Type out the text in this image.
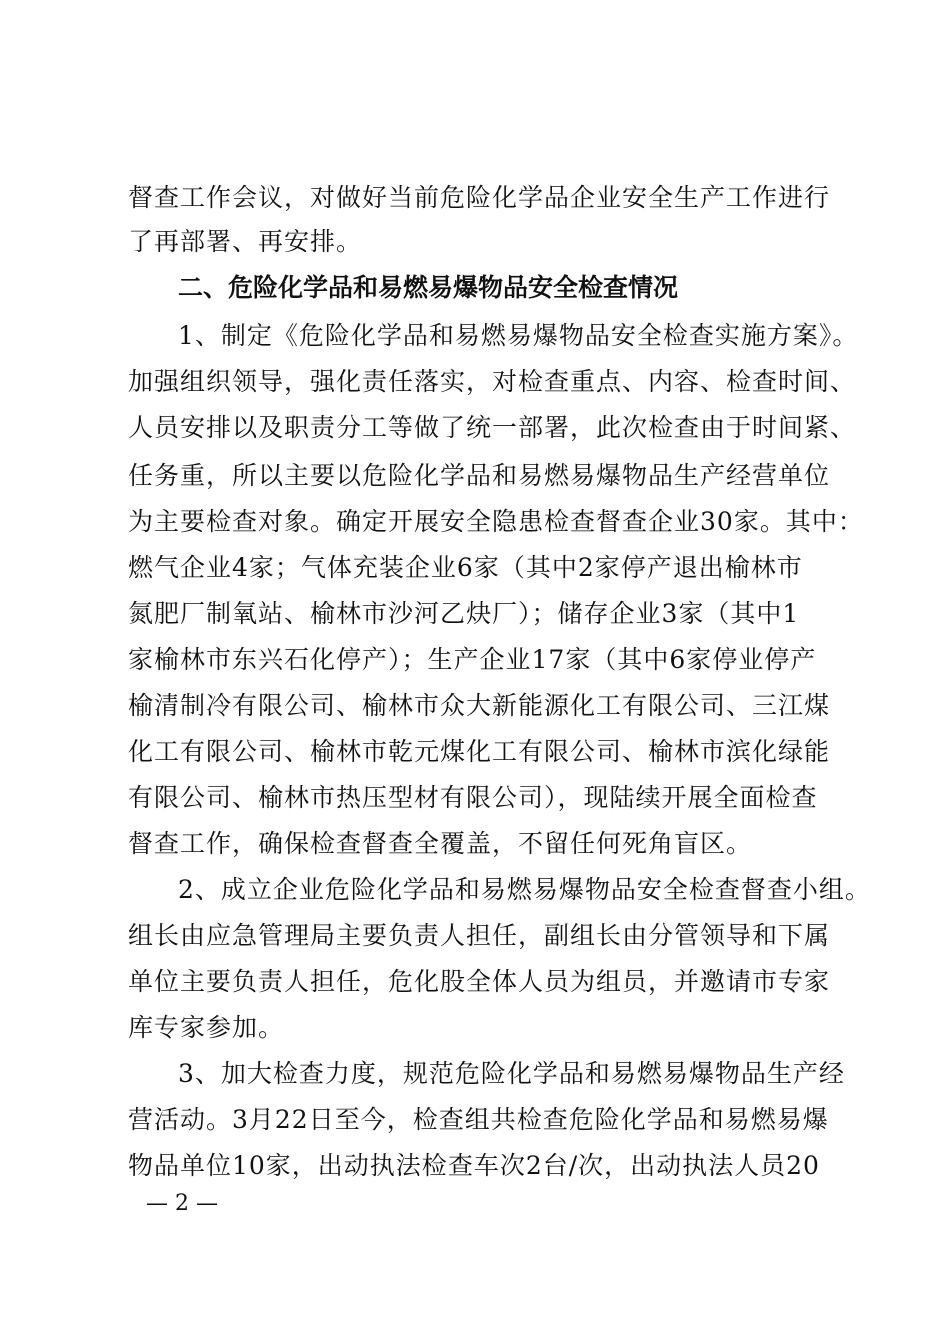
督查工作会议，对做好当前危险化学品企业安全生产工作进行
了再部署、再安排。
二、危险化学品和易燃易爆物品安全检查情况
1、制定《危险化学品和易燃易爆物品安全检查实施方案》。
加强组织领导，强化责任落实，对检查重点、内容、检查时间、
人员安排以及职责分工等做了统一部署，此次检查由于时间紧、
任务重，所以主要以危险化学品和易燃易爆物品生产经营单位
为主要检查对象。确定开展安全隐患检查督查企业30家。其中：
燃气企业4家；气体充装企业6家（其中2家停产退出榆林市
氮肥厂制氧站、榆林市沙河乙炔厂）；储存企业3家（其中1
家榆林市东兴石化停产）；生产企业17家（其中6家停业停产
榆清制冷有限公司、榆林市众大新能源化工有限公司、三江煤
化工有限公司、榆林市乾元煤化工有限公司、榆林市滨化绿能
有限公司、榆林市热压型材有限公司），现陆续开展全面检查
督查工作，确保检查督查全覆盖，不留任何死角盲区。
2、成立企业危险化学品和易燃易爆物品安全检查督查小组。
组长由应急管理局主要负责人担任，副组长由分管领导和下属
单位主要负责人担任，危化股全体人员为组员，并邀请市专家
库专家参加。
3、加大检查力度，规范危险化学品和易燃易爆物品生产经
营活动。3月22日至今，检查组共检查危险化学品和易燃易爆
物品单位10家，出动执法检查车次2台/次，出动执法人员20
— 2 —
